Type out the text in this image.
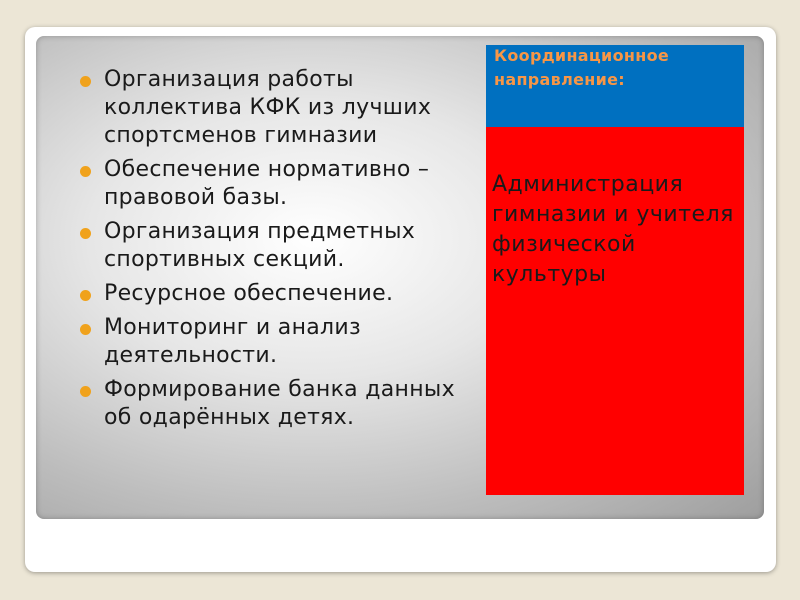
Организация работы коллектива КФК из лучших спортсменов гимназии
Обеспечение нормативно – правовой базы.
Организация предметных спортивных секций.
Ресурсное обеспечение.
Мониторинг и анализ деятельности.
Формирование банка данных об одарённых детях.
Координационное направление:
Администрация гимназии и учителя физической культуры
